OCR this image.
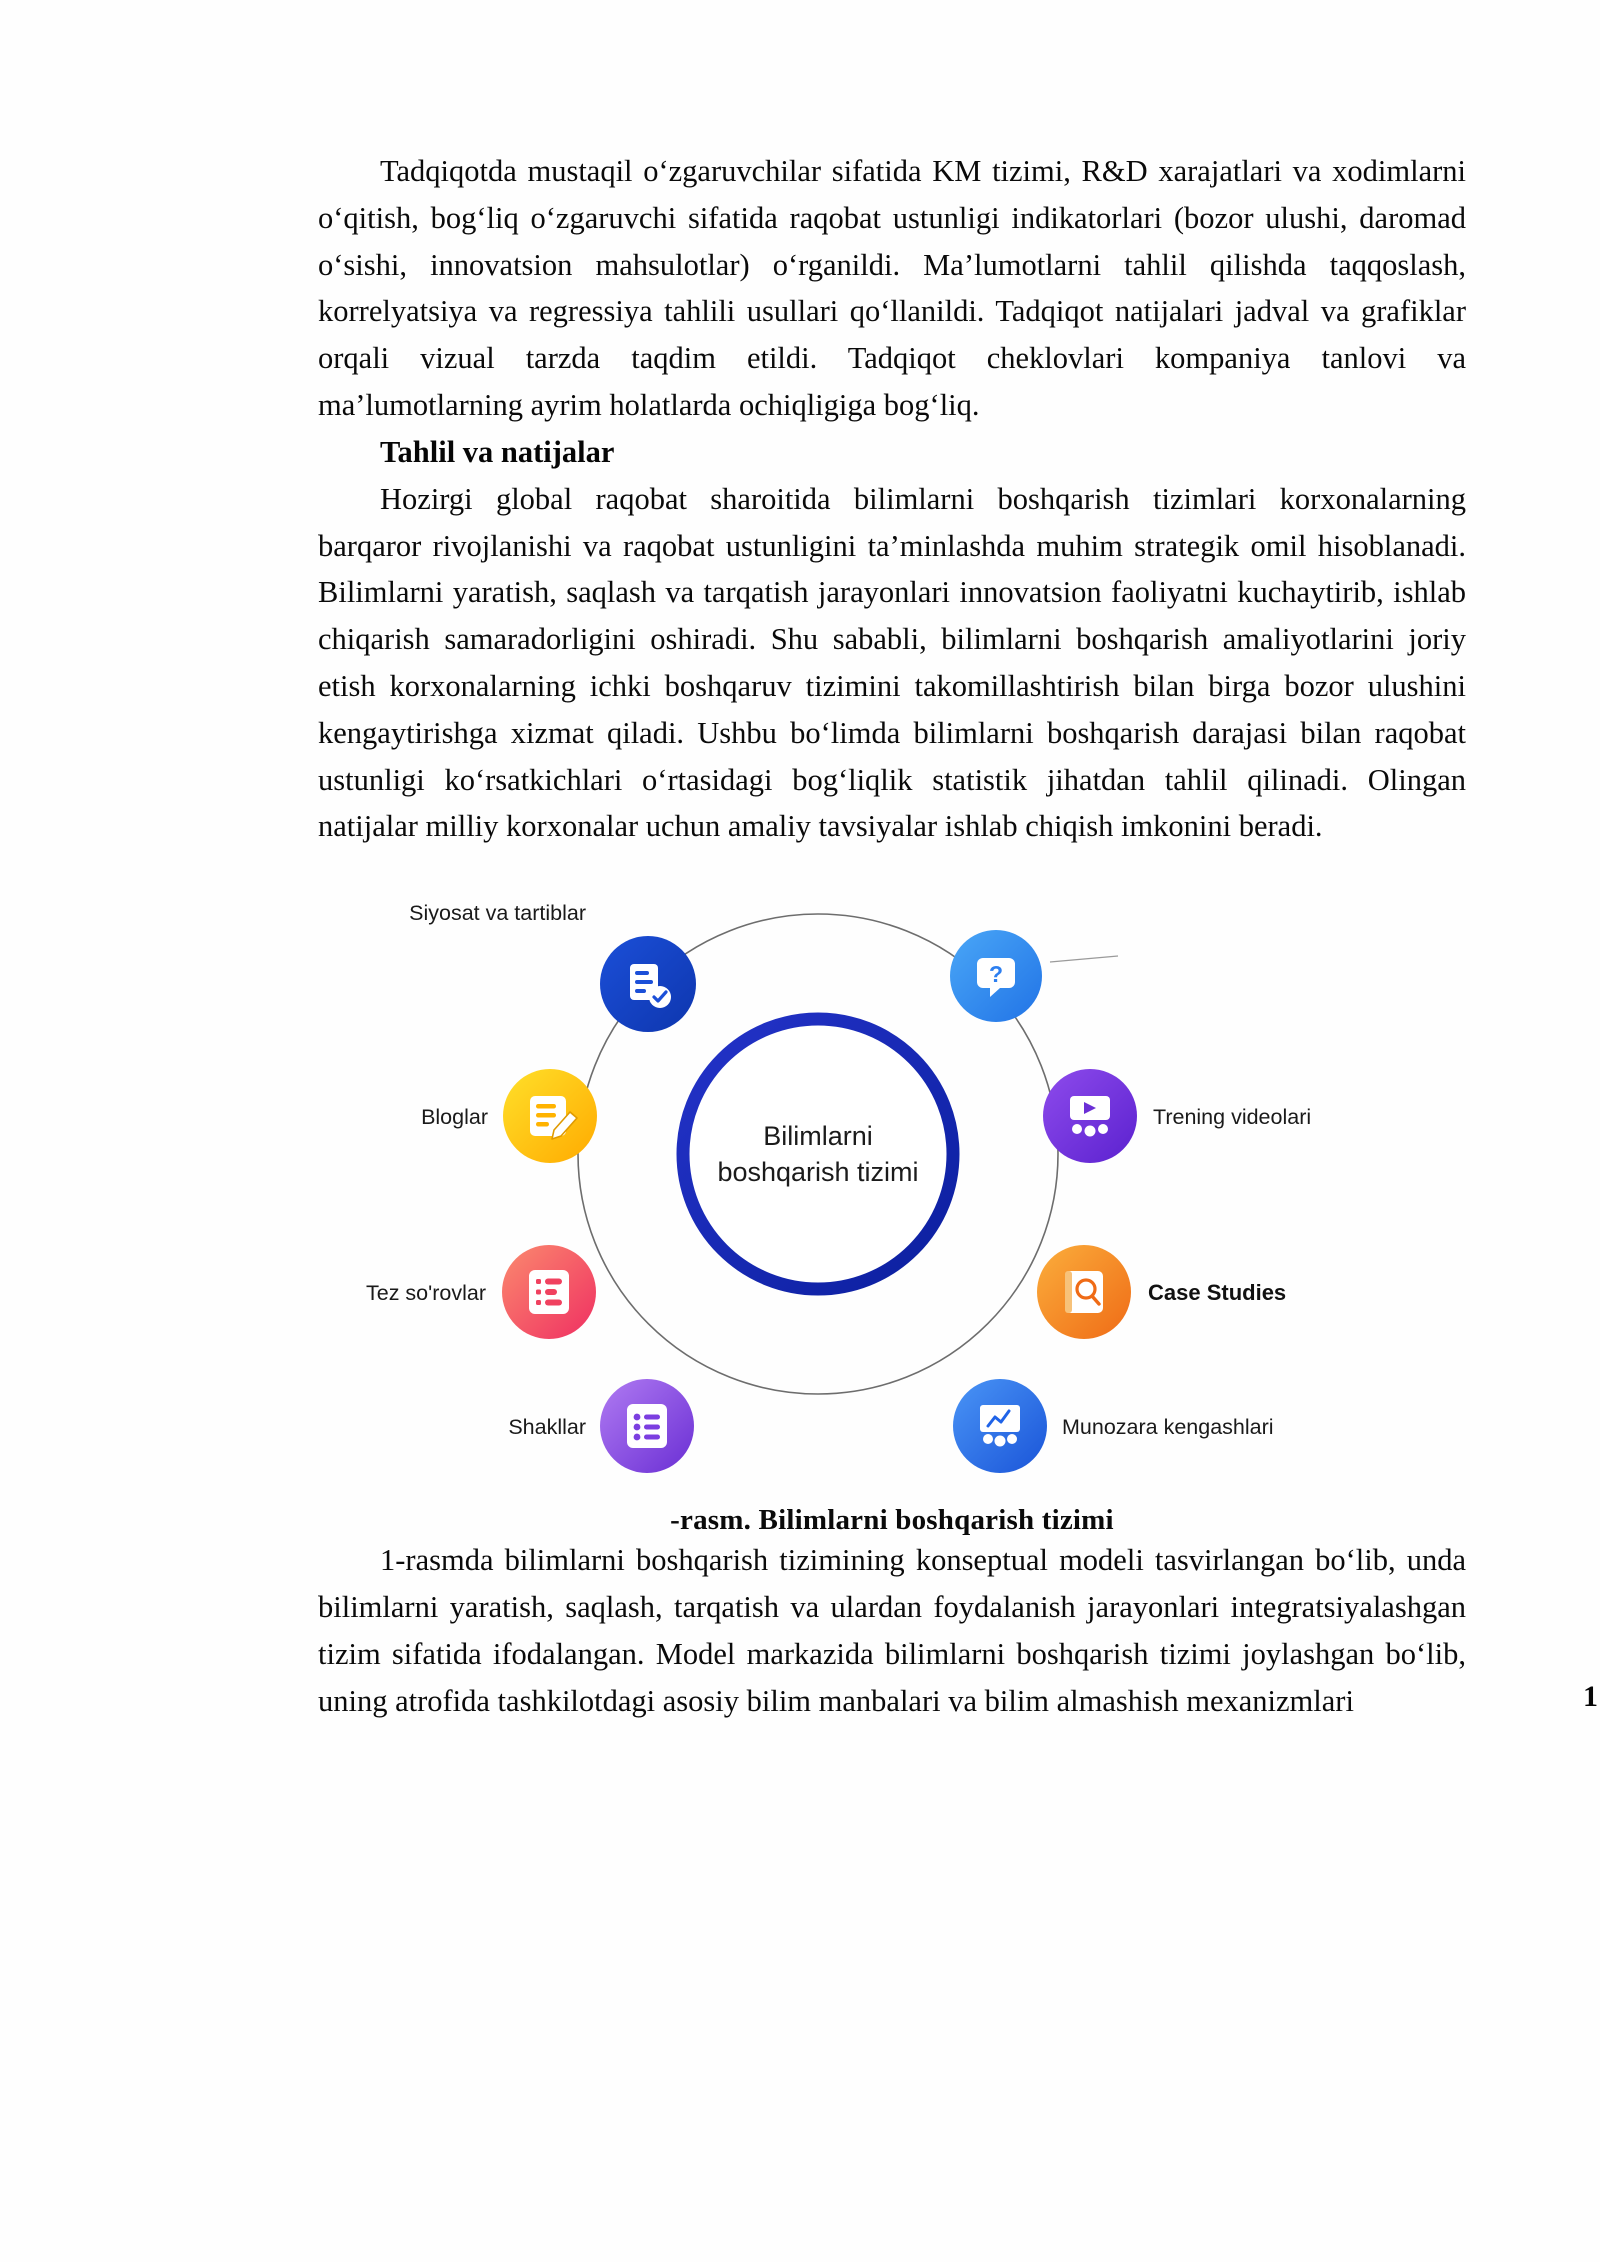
Tadqiqotda mustaqil o‘zgaruvchilar sifatida KM tizimi, R&D xarajatlari va xodimlarni o‘qitish, bog‘liq o‘zgaruvchi sifatida raqobat ustunligi indikatorlari (bozor ulushi, daromad o‘sishi, innovatsion mahsulotlar) o‘rganildi. Ma’lumotlarni tahlil qilishda taqqoslash, korrelyatsiya va regressiya tahlili usullari qo‘llanildi. Tadqiqot natijalari jadval va grafiklar orqali vizual tarzda taqdim etildi. Tadqiqot cheklovlari kompaniya tanlovi va ma’lumotlarning ayrim holatlarda ochiqligiga bog‘liq.

Tahlil va natijalar

Hozirgi global raqobat sharoitida bilimlarni boshqarish tizimlari korxonalarning barqaror rivojlanishi va raqobat ustunligini ta’minlashda muhim strategik omil hisoblanadi. Bilimlarni yaratish, saqlash va tarqatish jarayonlari innovatsion faoliyatni kuchaytirib, ishlab chiqarish samaradorligini oshiradi. Shu sababli, bilimlarni boshqarish amaliyotlarini joriy etish korxonalarning ichki boshqaruv tizimini takomillashtirish bilan birga bozor ulushini kengaytirishga xizmat qiladi. Ushbu bo‘limda bilimlarni boshqarish darajasi bilan raqobat ustunligi ko‘rsatkichlari o‘rtasidagi bog‘liqlik statistik jihatdan tahlil qilinadi. Olingan natijalar milliy korxonalar uchun amaliy tavsiyalar ishlab chiqish imkonini beradi.

Bilimlarni
boshqarish tizimi
Siyosat va tartiblar
?
Trening videolari
Case Studies
Munozara kengashlari
Shakllar
Tez so'rovlar
Bloglar
-rasm. Bilimlarni boshqarish tizimi

1-rasmda bilimlarni boshqarish tizimining konseptual modeli tasvirlangan bo‘lib, unda bilimlarni yaratish, saqlash, tarqatish va ulardan foydalanish jarayonlari integratsiyalashgan tizim sifatida ifodalangan. Model markazida bilimlarni boshqarish tizimi joylashgan bo‘lib, uning atrofida tashkilotdagi asosiy bilim manbalari va bilim almashish mexanizmlari	1
